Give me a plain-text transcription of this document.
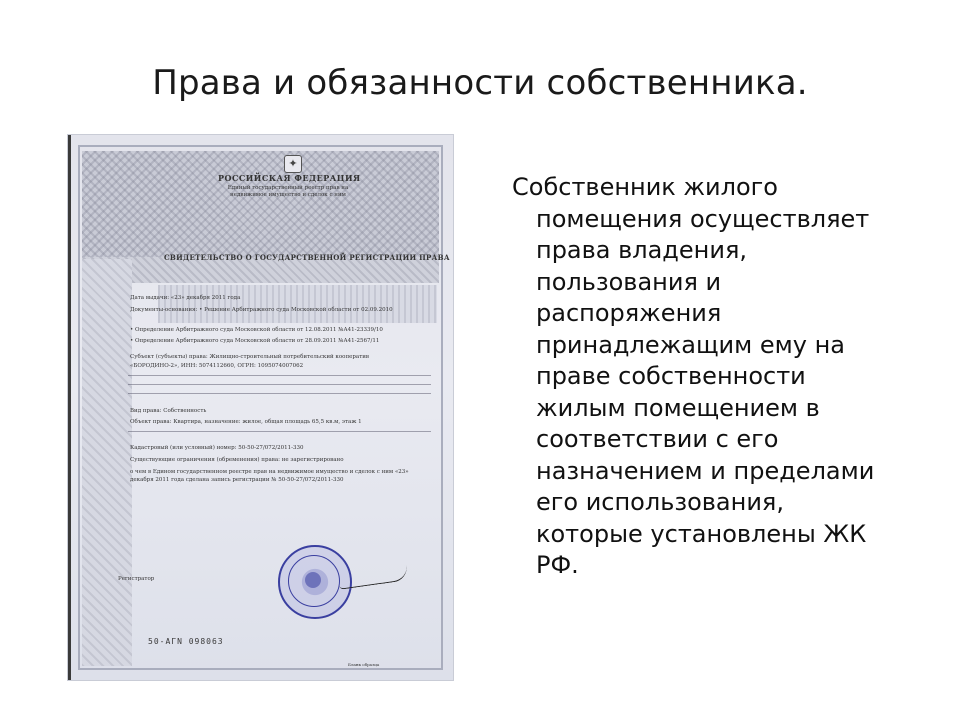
Права и обязанности собственника.
✦
РОССИЙСКАЯ ФЕДЕРАЦИЯ
Единый государственный реестр прав на недвижимое имущество и сделок с ним
СВИДЕТЕЛЬСТВО О ГОСУДАРСТВЕННОЙ РЕГИСТРАЦИИ ПРАВА
Дата выдачи: «23» декабря 2011 года
Документы-основания: • Решение Арбитражного суда Московской области от 02.09.2010
• Определение Арбитражного суда Московской области от 12.08.2011 №А41-23339/10
• Определение Арбитражного суда Московской области от 28.09.2011 №А41-2567/11
Субъект (субъекты) права: Жилищно-строительный потребительский кооператив
«БОРОДИНО-2», ИНН: 5074112660, ОГРН: 1095074007062
Вид права: Собственность
Объект права: Квартира, назначение: жилое, общая площадь 65,5 кв.м, этаж 1
Кадастровый (или условный) номер: 50-50-27/072/2011-330
Существующие ограничения (обременения) права: не зарегистрировано
о чем в Едином государственном реестре прав на недвижимое имущество и сделок с ним «23»
декабря 2011 года сделана запись регистрации № 50-50-27/072/2011-330
Регистратор
50-АГN 098063
Бланк образца
Собственник жилого
помещения осуществляет
права владения,
пользования и
распоряжения
принадлежащим ему на
праве собственности
жилым помещением в
соответствии с его
назначением и пределами
его использования,
которые установлены ЖК
РФ.
